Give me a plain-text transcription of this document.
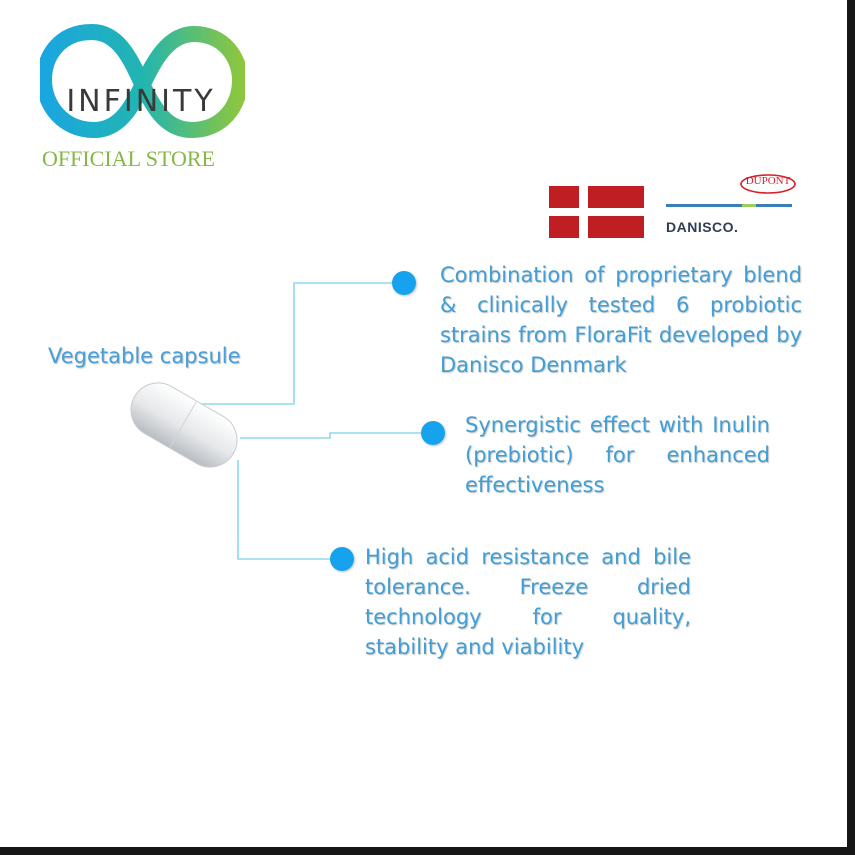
INFINITY
OFFICIAL STORE
DUPONT
DANISCO.
Vegetable capsule
Combination of proprietary blend & clinically tested 6 probiotic strains from FloraFit developed by Danisco Denmark
Synergistic effect with Inulin (prebiotic) for enhanced effectiveness
High acid resistance and bile tolerance. Freeze dried technology for quality, stability and viability
